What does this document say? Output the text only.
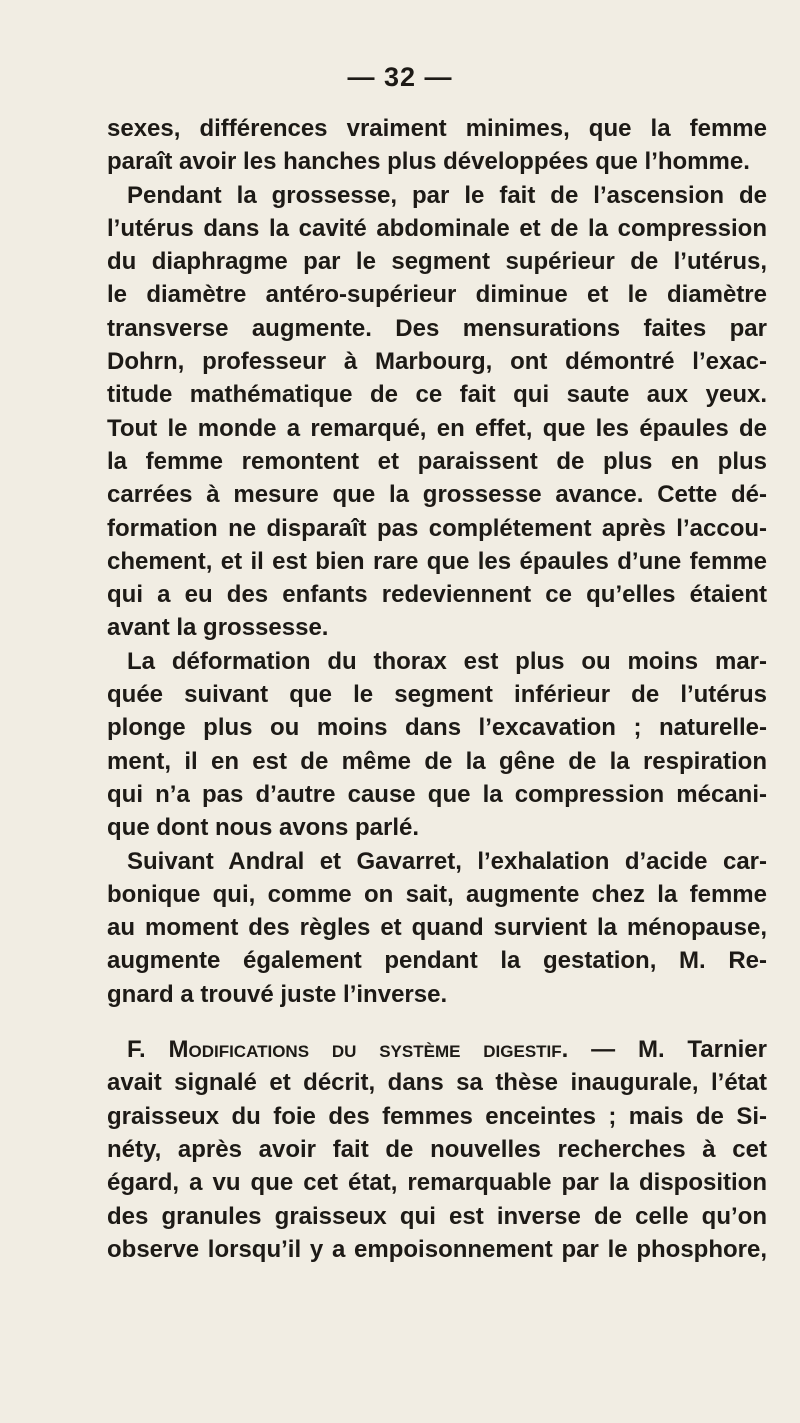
— 32 —
sexes, différences vraiment minimes, que la femme
paraît avoir les hanches plus développées que l’homme.
Pendant la grossesse, par le fait de l’ascension de
l’utérus dans la cavité abdominale et de la compression
du diaphragme par le segment supérieur de l’utérus,
le diamètre antéro-supérieur diminue et le diamètre
transverse augmente. Des mensurations faites par
Dohrn, professeur à Marbourg, ont démontré l’exac-
titude mathématique de ce fait qui saute aux yeux.
Tout le monde a remarqué, en effet, que les épaules de
la femme remontent et paraissent de plus en plus
carrées à mesure que la grossesse avance. Cette dé-
formation ne disparaît pas complétement après l’accou-
chement, et il est bien rare que les épaules d’une femme
qui a eu des enfants redeviennent ce qu’elles étaient
avant la grossesse.
La déformation du thorax est plus ou moins mar-
quée suivant que le segment inférieur de l’utérus
plonge plus ou moins dans l’excavation ; naturelle-
ment, il en est de même de la gêne de la respiration
qui n’a pas d’autre cause que la compression mécani-
que dont nous avons parlé.
Suivant Andral et Gavarret, l’exhalation d’acide car-
bonique qui, comme on sait, augmente chez la femme
au moment des règles et quand survient la ménopause,
augmente également pendant la gestation, M. Re-
gnard a trouvé juste l’inverse.
F. Modifications du système digestif. — M. Tarnier
avait signalé et décrit, dans sa thèse inaugurale, l’état
graisseux du foie des femmes enceintes ; mais de Si-
néty, après avoir fait de nouvelles recherches à cet
égard, a vu que cet état, remarquable par la disposition
des granules graisseux qui est inverse de celle qu’on
observe lorsqu’il y a empoisonnement par le phosphore,
